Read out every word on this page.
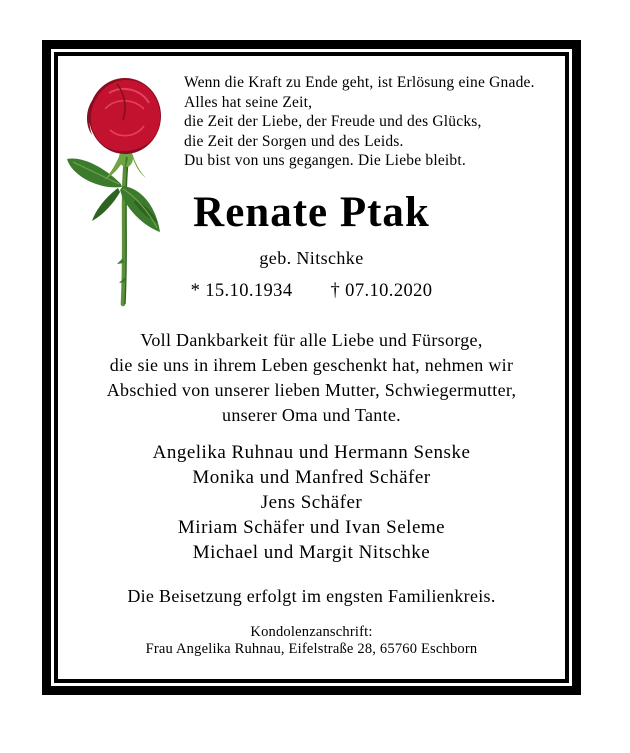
Wenn die Kraft zu Ende geht, ist Erlösung eine Gnade.
Alles hat seine Zeit,
die Zeit der Liebe, der Freude und des Glücks,
die Zeit der Sorgen und des Leids.
Du bist von uns gegangen. Die Liebe bleibt.
Renate Ptak
geb. Nitschke
* 15.10.1934 † 07.10.2020
Voll Dankbarkeit für alle Liebe und Fürsorge,
die sie uns in ihrem Leben geschenkt hat, nehmen wir
Abschied von unserer lieben Mutter, Schwiegermutter,
unserer Oma und Tante.
Angelika Ruhnau und Hermann Senske
Monika und Manfred Schäfer
Jens Schäfer
Miriam Schäfer und Ivan Seleme
Michael und Margit Nitschke
Die Beisetzung erfolgt im engsten Familienkreis.
Kondolenzanschrift:
Frau Angelika Ruhnau, Eifelstraße 28, 65760 Eschborn
